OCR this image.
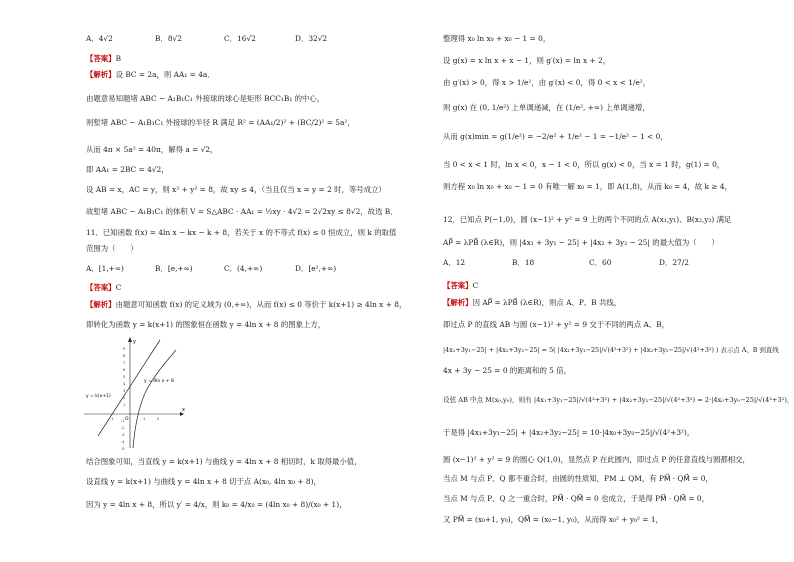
A．4√2	B．8√2	C．16√2	D．32√2
【答案】B
【解析】设 BC = 2a，则 AA₁ = 4a．
由题意易知题堵 ABC − A₁B₁C₁ 外接球的球心是矩形 BCC₁B₁ 的中心，
则堑堵 ABC − A₁B₁C₁ 外接球的半径 R 满足 R² = (AA₁/2)² + (BC/2)² = 5a²，
从而 4π × 5a² = 40π，解得 a = √2，
即 AA₁ = 2BC = 4√2，
设 AB = x，AC = y，则 x² + y² = 8，故 xy ≤ 4，（当且仅当 x = y = 2 时，等号成立）
故堑堵 ABC − A₁B₁C₁ 的体积 V = S△ABC · AA₁ = ½xy · 4√2 = 2√2xy ≤ 8√2，故选 B．
11．已知函数 f(x) = 4ln x − kx − k + 8，若关于 x 的不等式 f(x) ≤ 0 恒成立，则 k 的取值
范围为（　　）
A．[1,+∞)	B．[e,+∞)	C．(4,+∞)	D．[e²,+∞)
【答案】C
【解析】由题意可知函数 f(x) 的定义域为 (0,+∞)，从而 f(x) ≤ 0 等价于 k(x+1) ≥ 4ln x + 8，
即转化为函数 y = k(x+1) 的图象恒在函数 y = 4ln x + 8 的图象上方，
x
y
O
9
8
7
6
5
4
3
2
1
-1
-2
-3
-4
-5
-1	1	2
y = 4ln x + 8
y = k(x+1)
结合图象可知，当直线 y = k(x+1) 与曲线 y = 4ln x + 8 相切时，k 取得最小值，
设直线 y = k(x+1) 与曲线 y = 4ln x + 8 切于点 A(x₀, 4ln x₀ + 8)，
因为 y = 4ln x + 8，所以 y′ = 4/x，则 k₀ = 4/x₀ = (4ln x₀ + 8)/(x₀ + 1)，
整理得 x₀ ln x₀ + x₀ − 1 = 0，
设 g(x) = x ln x + x − 1，则 g′(x) = ln x + 2，
由 g′(x) > 0，得 x > 1/e²，由 g′(x) < 0，得 0 < x < 1/e²，
则 g(x) 在 (0, 1/e²) 上单调递减，在 (1/e², +∞) 上单调递增，
从而 g(x)min = g(1/e²) = −2/e² + 1/e² − 1 = −1/e² − 1 < 0，
当 0 < x < 1 时，ln x < 0，x − 1 < 0，所以 g(x) < 0，当 x = 1 时，g(1) = 0，
则方程 x₀ ln x₀ + x₀ − 1 = 0 有唯一解 x₀ = 1，即 A(1,8)，从而 k₀ = 4，故 k ≥ 4，
12．已知点 P(−1,0)，圆 (x−1)² + y² = 9 上的两个不同的点 A(x₁,y₁)、B(x₂,y₂) 满足
AP⃗ = λPB⃗ (λ∈R)，则 |4x₁ + 3y₁ − 25| + |4x₂ + 3y₂ − 25| 的最大值为（　　）
A．12	B．18	C．60	D．27/2
【答案】C
【解析】因 AP⃗ = λPB⃗ (λ∈R)，则点 A、P、B 共线，
即过点 P 的直线 AB 与圆 (x−1)² + y² = 9 交于不同的两点 A、B，
|4x₁+3y₁−25| + |4x₂+3y₂−25| = 5( |4x₁+3y₁−25|/√(4²+3²) + |4x₂+3y₂−25|/√(4²+3²) ) 表示点 A、B 到直线
4x + 3y − 25 = 0 的距离和的 5 倍，
设弦 AB 中点 M(x₀,y₀)，则有 |4x₁+3y₁−25|/√(4²+3²) + |4x₂+3y₂−25|/√(4²+3²) = 2·|4x₀+3y₀−25|/√(4²+3²)，
于是得 |4x₁+3y₁−25| + |4x₂+3y₂−25| = 10·|4x₀+3y₀−25|/√(4²+3²)，
圆 (x−1)² + y² = 9 的圆心 Q(1,0)，显然点 P 在此圆内，即过点 P 的任意直线与圆都相交，
当点 M 与点 P、Q 都不重合时，由圆的性质知，PM ⊥ QM，有 PM⃗ · QM⃗ = 0，
当点 M 与点 P、Q 之一重合时，PM⃗ · QM⃗ = 0 也成立，于是得 PM⃗ · QM⃗ = 0，
又 PM⃗ = (x₀+1, y₀)，QM⃗ = (x₀−1, y₀)，从而得 x₀² + y₀² = 1，
